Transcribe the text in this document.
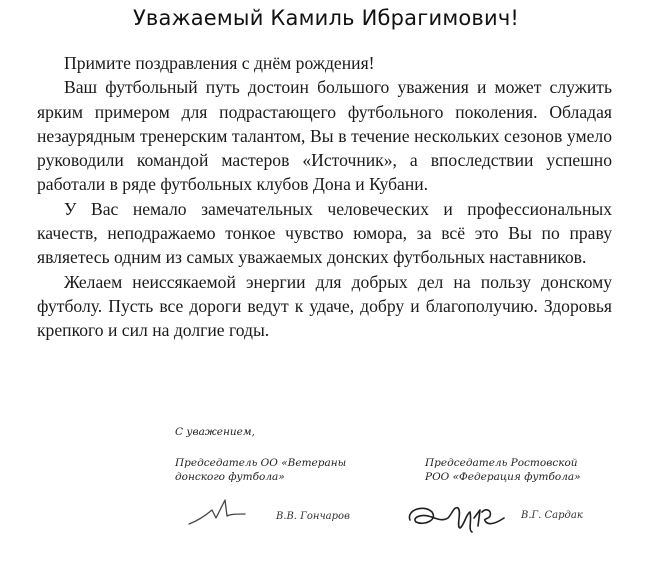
Уважаемый Камиль Ибрагимович!

Примите поздравления с днём рождения!

Ваш футбольный путь достоин большого уважения и может служить ярким примером для подрастающего футбольного поколения. Обладая незаурядным тренерским талантом, Вы в течение нескольких сезонов умело руководили командой мастеров «Источник», а впоследствии успешно работали в ряде футбольных клубов Дона и Кубани.

У Вас немало замечательных человеческих и профессиональных качеств, неподражаемо тонкое чувство юмора, за всё это Вы по праву являетесь одним из самых уважаемых донских футбольных наставников.

Желаем неиссякаемой энергии для добрых дел на пользу донскому футболу. Пусть все дороги ведут к удаче, добру и благополучию. Здоровья крепкого и сил на долгие годы.

С уважением,
Председатель ОО «Ветераны
донского футбола»
Председатель Ростовской
РОО «Федерация футбола»
В.В. Гончаров	В.Г. Сардак
